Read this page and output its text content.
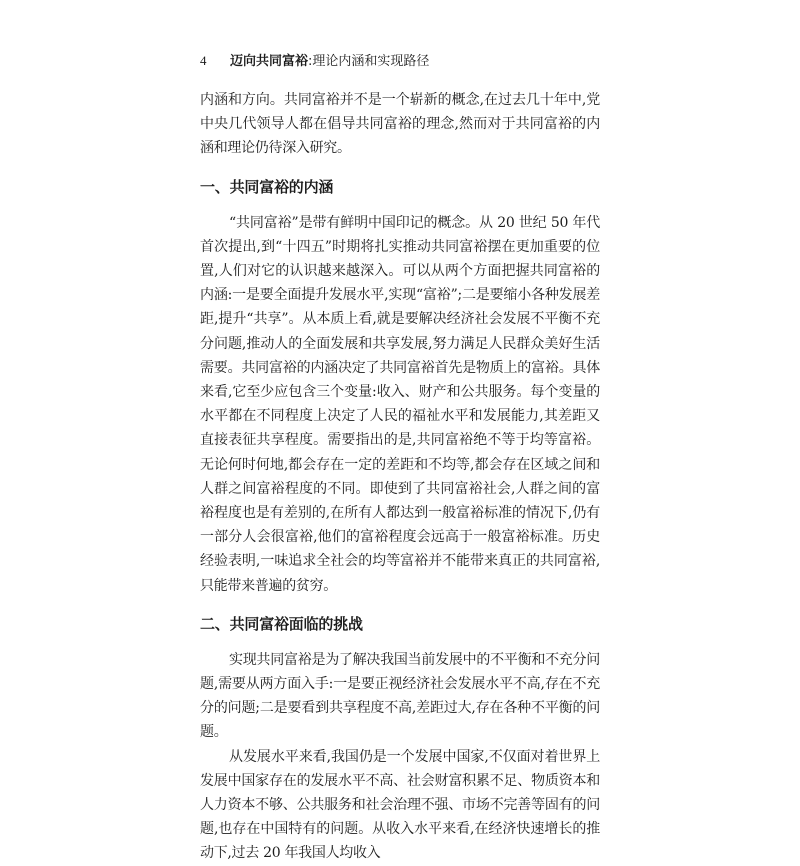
4 迈向共同富裕:理论内涵和实现路径

内涵和方向。共同富裕并不是一个崭新的概念,在过去几十年中,党中央几代领导人都在倡导共同富裕的理念,然而对于共同富裕的内涵和理论仍待深入研究。

一、共同富裕的内涵

“共同富裕”是带有鲜明中国印记的概念。从 20 世纪 50 年代首次提出,到“十四五”时期将扎实推动共同富裕摆在更加重要的位置,人们对它的认识越来越深入。可以从两个方面把握共同富裕的内涵:一是要全面提升发展水平,实现“富裕”;二是要缩小各种发展差距,提升“共享”。从本质上看,就是要解决经济社会发展不平衡不充分问题,推动人的全面发展和共享发展,努力满足人民群众美好生活需要。共同富裕的内涵决定了共同富裕首先是物质上的富裕。具体来看,它至少应包含三个变量:收入、财产和公共服务。每个变量的水平都在不同程度上决定了人民的福祉水平和发展能力,其差距又直接表征共享程度。需要指出的是,共同富裕绝不等于均等富裕。无论何时何地,都会存在一定的差距和不均等,都会存在区域之间和人群之间富裕程度的不同。即使到了共同富裕社会,人群之间的富裕程度也是有差别的,在所有人都达到一般富裕标准的情况下,仍有一部分人会很富裕,他们的富裕程度会远高于一般富裕标准。历史经验表明,一味追求全社会的均等富裕并不能带来真正的共同富裕,只能带来普遍的贫穷。

二、共同富裕面临的挑战

实现共同富裕是为了解决我国当前发展中的不平衡和不充分问题,需要从两方面入手:一是要正视经济社会发展水平不高,存在不充分的问题;二是要看到共享程度不高,差距过大,存在各种不平衡的问题。

从发展水平来看,我国仍是一个发展中国家,不仅面对着世界上发展中国家存在的发展水平不高、社会财富积累不足、物质资本和人力资本不够、公共服务和社会治理不强、市场不完善等固有的问题,也存在中国特有的问题。从收入水平来看,在经济快速增长的推动下,过去 20 年我国人均收入
